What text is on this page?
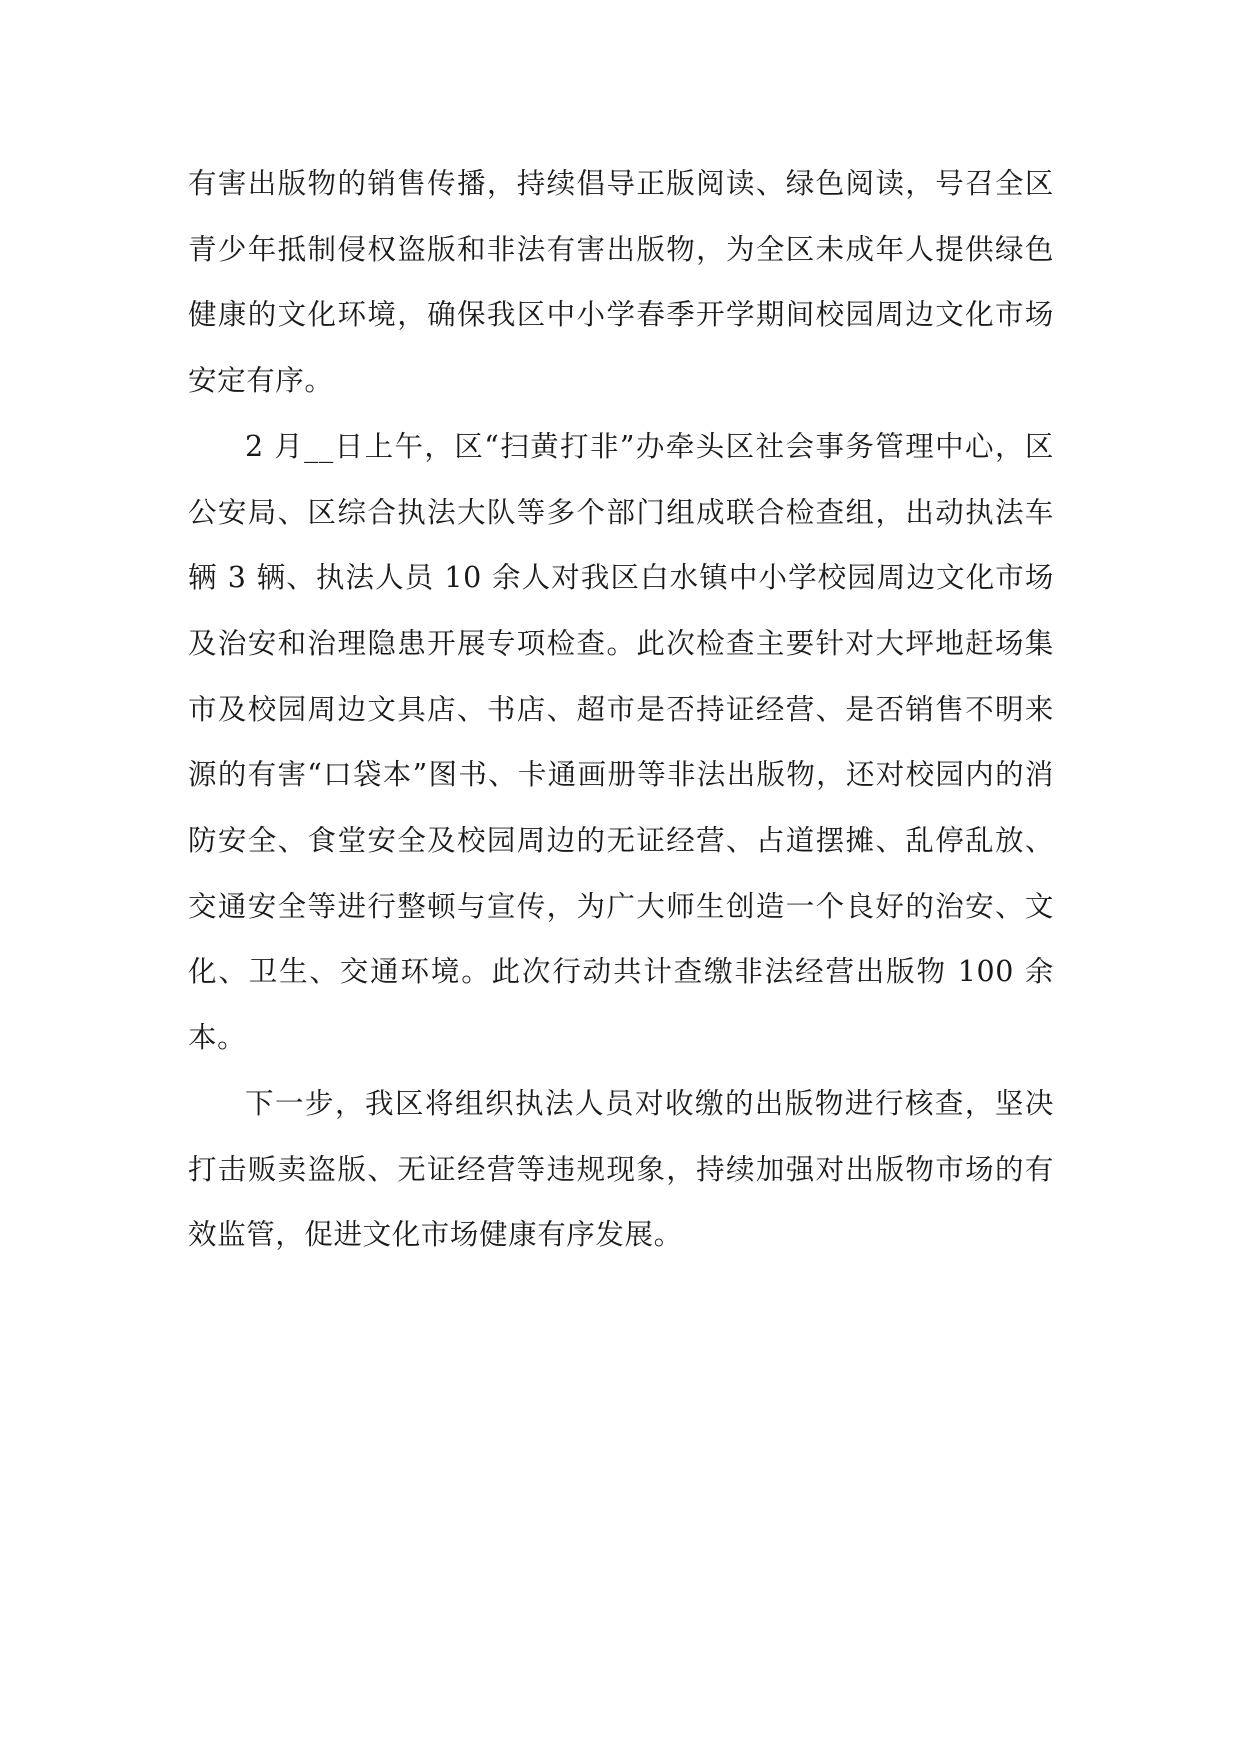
有害出版物的销售传播，持续倡导正版阅读、绿色阅读，号召全区青少年抵制侵权盗版和非法有害出版物，为全区未成年人提供绿色健康的文化环境，确保我区中小学春季开学期间校园周边文化市场安定有序。

2 月__日上午，区“扫黄打非”办牵头区社会事务管理中心，区公安局、区综合执法大队等多个部门组成联合检查组，出动执法车辆 3 辆、执法人员 10 余人对我区白水镇中小学校园周边文化市场及治安和治理隐患开展专项检查。此次检查主要针对大坪地赶场集市及校园周边文具店、书店、超市是否持证经营、是否销售不明来源的有害“口袋本”图书、卡通画册等非法出版物，还对校园内的消防安全、食堂安全及校园周边的无证经营、占道摆摊、乱停乱放、交通安全等进行整顿与宣传，为广大师生创造一个良好的治安、文化、卫生、交通环境。此次行动共计查缴非法经营出版物 100 余本。

下一步，我区将组织执法人员对收缴的出版物进行核查，坚决打击贩卖盗版、无证经营等违规现象，持续加强对出版物市场的有效监管，促进文化市场健康有序发展。
